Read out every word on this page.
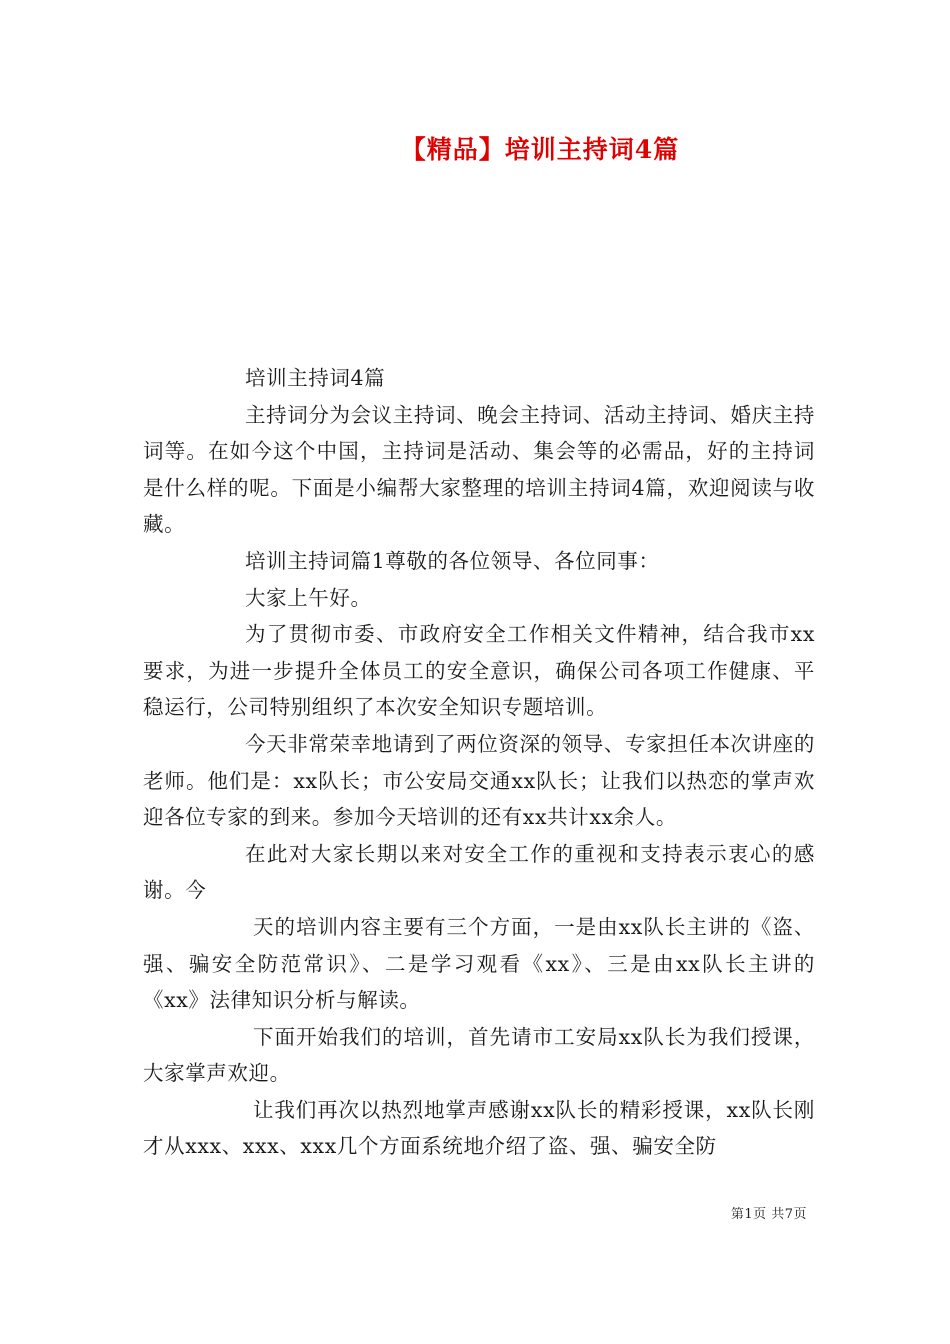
【精品】培训主持词4篇

培训主持词4篇

主持词分为会议主持词、晚会主持词、活动主持词、婚庆主持词等。在如今这个中国，主持词是活动、集会等的必需品，好的主持词是什么样的呢。下面是小编帮大家整理的培训主持词4篇，欢迎阅读与收藏。

培训主持词篇1尊敬的各位领导、各位同事：

大家上午好。

为了贯彻市委、市政府安全工作相关文件精神，结合我市xx要求，为进一步提升全体员工的安全意识，确保公司各项工作健康、平稳运行，公司特别组织了本次安全知识专题培训。

今天非常荣幸地请到了两位资深的领导、专家担任本次讲座的老师。他们是：xx队长；市公安局交通xx队长；让我们以热恋的掌声欢迎各位专家的到来。参加今天培训的还有xx共计xx余人。

在此对大家长期以来对安全工作的重视和支持表示衷心的感谢。今

天的培训内容主要有三个方面，一是由xx队长主讲的《盗、强、骗安全防范常识》、二是学习观看《xx》、三是由xx队长主讲的《xx》法律知识分析与解读。

下面开始我们的培训，首先请市工安局xx队长为我们授课，大家掌声欢迎。

让我们再次以热烈地掌声感谢xx队长的精彩授课，xx队长刚才从xxx、xxx、xxx几个方面系统地介绍了盗、强、骗安全防

第1页 共7页
